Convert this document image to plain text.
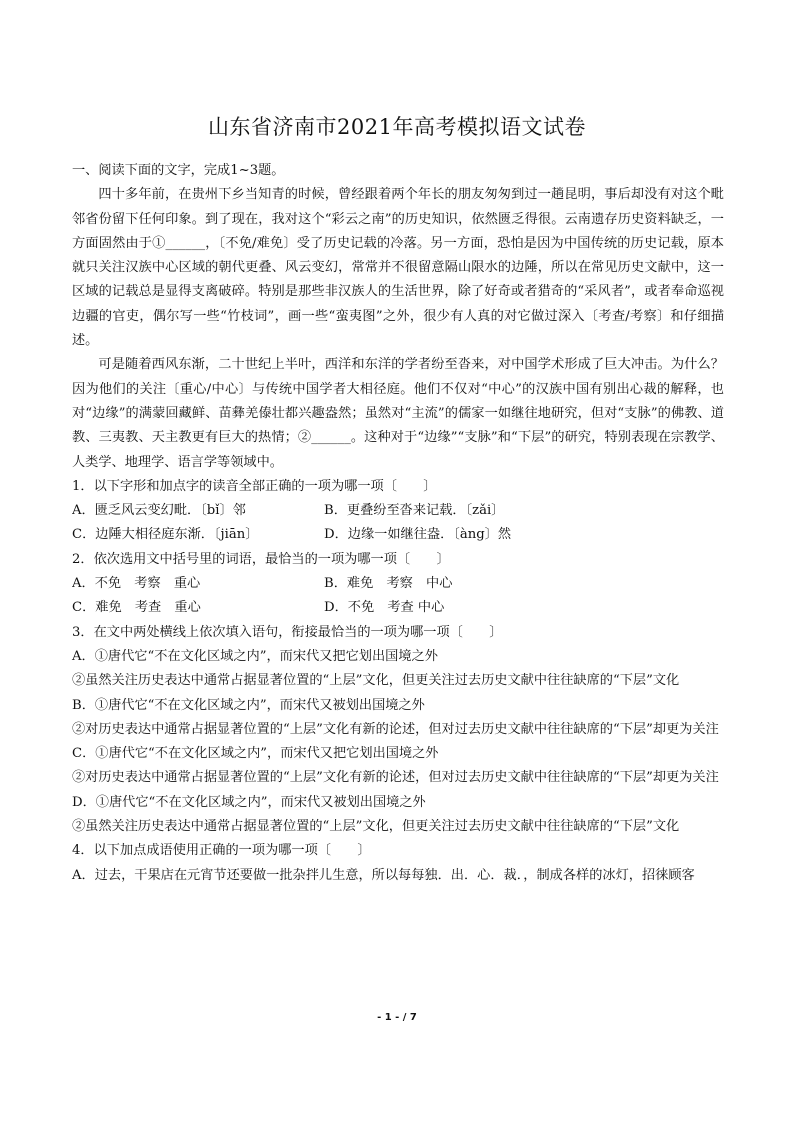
山东省济南市2021年高考模拟语文试卷

一、阅读下面的文字，完成1~3题。

四十多年前，在贵州下乡当知青的时候，曾经跟着两个年长的朋友匆匆到过一趟昆明，事后却没有对这个毗邻省份留下任何印象。到了现在，我对这个“彩云之南”的历史知识，依然匮乏得很。云南遗存历史资料缺乏，一方面固然由于①______，〔不免/难免〕受了历史记载的冷落。另一方面，恐怕是因为中国传统的历史记载，原本就只关注汉族中心区域的朝代更叠、风云变幻，常常并不很留意隔山限水的边陲，所以在常见历史文献中，这一区域的记载总是显得支离破碎。特别是那些非汉族人的生活世界，除了好奇或者猎奇的“采风者”，或者奉命巡视边疆的官吏，偶尔写一些“竹枝词”，画一些“蛮夷图”之外，很少有人真的对它做过深入〔考查/考察〕和仔细描述。

可是随着西风东渐，二十世纪上半叶，西洋和东洋的学者纷至沓来，对中国学术形成了巨大冲击。为什么？因为他们的关注〔重心/中心〕与传统中国学者大相径庭。他们不仅对“中心”的汉族中国有别出心裁的解释，也对“边缘”的满蒙回藏鲜、苗彝羌傣壮都兴趣盎然；虽然对“主流”的儒家一如继往地研究，但对“支脉”的佛教、道教、三夷教、天主教更有巨大的热情；②______。这种对于“边缘”“支脉”和“下层”的研究，特别表现在宗教学、人类学、地理学、语言学等领域中。

1．以下字形和加点字的读音全部正确的一项为哪一项〔　　〕

A．匮乏风云变幻毗．〔bǐ〕邻	B．更叠纷至沓来记载．〔zǎi〕
C．边陲大相径庭东渐．〔jiān〕	D．边缘一如继往盎．〔àng〕然

2．依次选用文中括号里的词语，最恰当的一项为哪一项〔　　〕

A．不免　考察　重心	B．难免　考察　中心
C．难免　考查　重心	D．不免　考查 中心

3．在文中两处横线上依次填入语句，衔接最恰当的一项为哪一项〔　　〕

A．①唐代它“不在文化区域之内”，而宋代又把它划出国境之外

②虽然关注历史表达中通常占据显著位置的“上层”文化，但更关注过去历史文献中往往缺席的“下层”文化

B．①唐代它“不在文化区域之内”，而宋代又被划出国境之外

②对历史表达中通常占据显著位置的“上层”文化有新的论述，但对过去历史文献中往往缺席的“下层”却更为关注

C．①唐代它“不在文化区域之内”，而宋代又把它划出国境之外

②对历史表达中通常占据显著位置的“上层”文化有新的论述，但对过去历史文献中往往缺席的“下层”却更为关注

D．①唐代它“不在文化区域之内”，而宋代又被划出国境之外

②虽然关注历史表达中通常占据显著位置的“上层”文化，但更关注过去历史文献中往往缺席的“下层”文化

4．以下加点成语使用正确的一项为哪一项〔　　〕

A．过去，干果店在元宵节还要做一批杂拌儿生意，所以每每独．出．心．裁．，制成各样的冰灯，招徕顾客

- 1 - / 7
